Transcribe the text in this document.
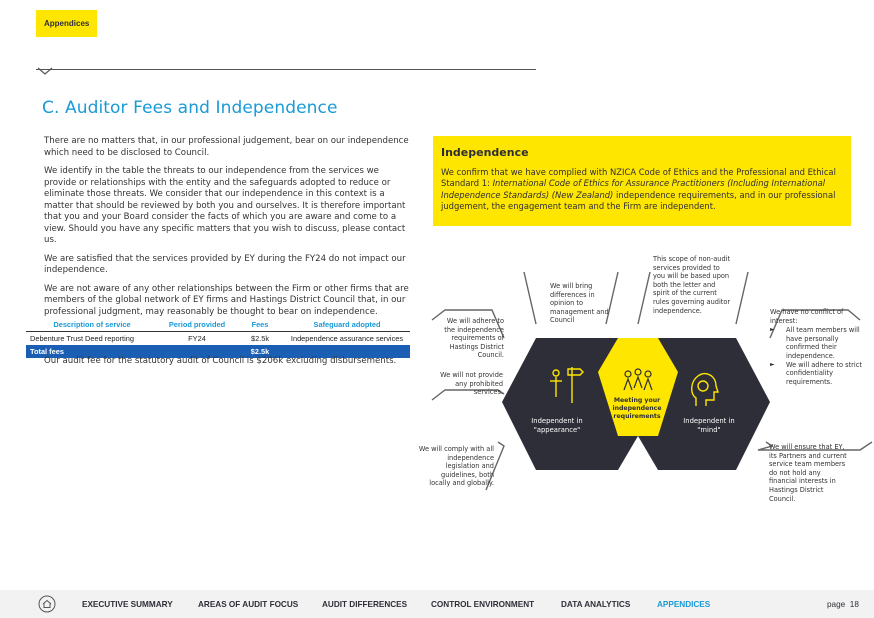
Appendices
C. Auditor Fees and Independence

There are no matters that, in our professional judgement, bear on our independence which need to be disclosed to Council.

We identify in the table the threats to our independence from the services we provide or relationships with the entity and the safeguards adopted to reduce or eliminate those threats. We consider that our independence in this context is a matter that should be reviewed by both you and ourselves. It is therefore important that you and your Board consider the facts of which you are aware and come to a view. Should you have any specific matters that you wish to discuss, please contact us.

We are satisfied that the services provided by EY during the FY24 do not impact our independence.

We are not aware of any other relationships between the Firm or other firms that are members of the global network of EY firms and Hastings District Council that, in our professional judgment, may reasonably be thought to bear on independence.

Description of service	Period provided	Fees	Safeguard adopted
Debenture Trust Deed reporting	FY24	$2.5k	Independence assurance services
Total fees		$2.5k	
Our audit fee for the statutory audit of Council is $206k excluding disbursements.
Independence

We confirm that we have complied with NZICA Code of Ethics and the Professional and Ethical Standard 1: International Code of Ethics for Assurance Practitioners (Including International Independence Standards) (New Zealand) independence requirements, and in our professional judgement, the engagement team and the Firm are independent.

Independent in "appearance"
Meeting your independence requirements
Independent in "mind"
We will adhere to the independence requirements of Hastings District Council.
We will not provide any prohibited services.
We will bring differences in opinion to management and Council
This scope of non-audit services provided to you will be based upon both the letter and spirit of the current rules governing auditor independence.	We have no conflict of interest:
► All team members will have personally confirmed their independence.
► We will adhere to strict confidentiality requirements.
We will comply with all independence legislation and guidelines, both locally and globally.
We will ensure that EY, its Partners and current service team members do not hold any financial interests in Hastings District Council.
EXECUTIVE SUMMARY	AREAS OF AUDIT FOCUS	AUDIT DIFFERENCES	CONTROL ENVIRONMENT	DATA ANALYTICS	APPENDICES	page 18
